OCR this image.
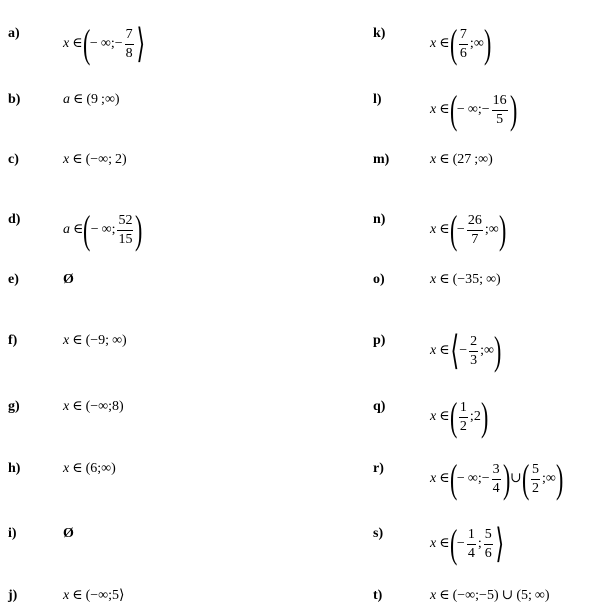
a)
x ∈ ( − ∞ ; − $\frac{7}{8}$ ⟩
b)	a ∈ ( 9 ; ∞ )
c)	x ∈ ( − ∞ ; 2 )
d)
a ∈ ( − ∞ ; $\frac{52}{15}$ )
e)	Ø
f)	x ∈ ( − 9 ; ∞ )
g)	x ∈ ( − ∞ ; 8 )
h)	x ∈ ( 6 ; ∞ )
i)	Ø
j)	x ∈ ( − ∞ ; 5 ⟩
k)
x ∈ ( $\frac{7}{6}$ ; ∞ )
l)
x ∈ ( − ∞ ; − $\frac{16}{5}$ )
m)	x ∈ ( 27 ; ∞ )
n)
x ∈ ( − $\frac{26}{7}$ ; ∞ )
o)	x ∈ ( − 35 ; ∞ )
p)
x ∈ ⟨ − $\frac{2}{3}$ ; ∞ )
q)
x ∈ ( $\frac{1}{2}$ ; 2 )
r)
x ∈ ( − ∞ ; − $\frac{3}{4}$ ) ∪ ( $\frac{5}{2}$ ; ∞ )
s)
x ∈ ( − $\frac{1}{4}$ ; $\frac{5}{6}$ ⟩
t)	x ∈ ( − ∞ ; − 5 ) ∪ ( 5 ; ∞ )
